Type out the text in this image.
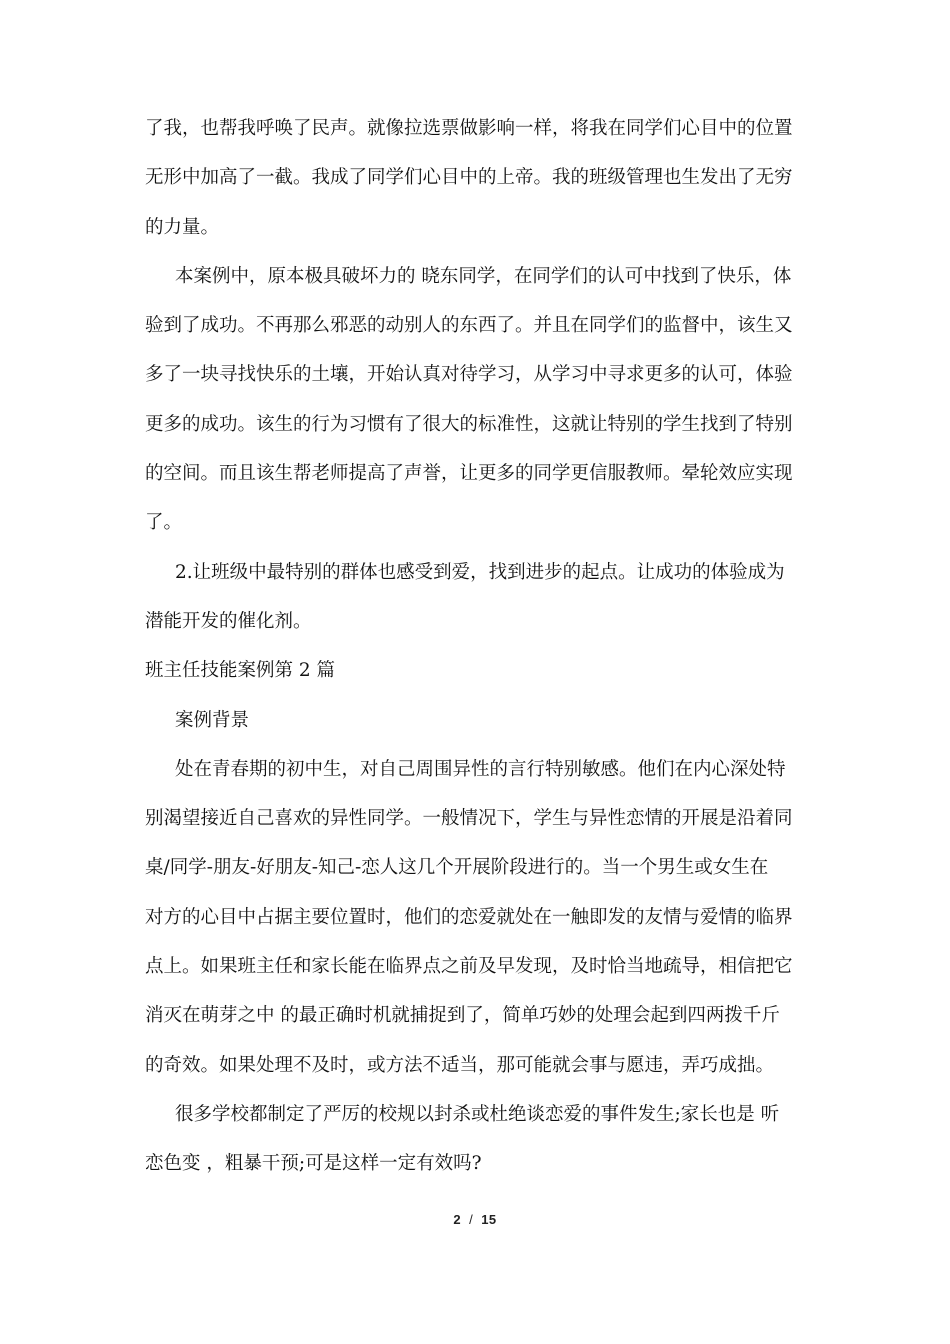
了我，也帮我呼唤了民声。就像拉选票做影响一样，将我在同学们心目中的位置
无形中加高了一截。我成了同学们心目中的上帝。我的班级管理也生发出了无穷
的力量。

本案例中，原本极具破坏力的 晓东同学，在同学们的认可中找到了快乐，体
验到了成功。不再那么邪恶的动别人的东西了。并且在同学们的监督中，该生又
多了一块寻找快乐的土壤，开始认真对待学习，从学习中寻求更多的认可，体验
更多的成功。该生的行为习惯有了很大的标准性，这就让特别的学生找到了特别
的空间。而且该生帮老师提高了声誉，让更多的同学更信服教师。晕轮效应实现
了。

2.让班级中最特别的群体也感受到爱，找到进步的起点。让成功的体验成为
潜能开发的催化剂。

班主任技能案例第 2 篇

案例背景

处在青春期的初中生，对自己周围异性的言行特别敏感。他们在内心深处特
别渴望接近自己喜欢的异性同学。一般情况下，学生与异性恋情的开展是沿着同
桌/同学-朋友-好朋友-知己-恋人这几个开展阶段进行的。当一个男生或女生在
对方的心目中占据主要位置时，他们的恋爱就处在一触即发的友情与爱情的临界
点上。如果班主任和家长能在临界点之前及早发现，及时恰当地疏导，相信把它
消灭在萌芽之中 的最正确时机就捕捉到了，简单巧妙的处理会起到四两拨千斤
的奇效。如果处理不及时，或方法不适当，那可能就会事与愿违，弄巧成拙。

很多学校都制定了严厉的校规以封杀或杜绝谈恋爱的事件发生;家长也是 听
恋色变 ，粗暴干预;可是这样一定有效吗?

2 / 15
